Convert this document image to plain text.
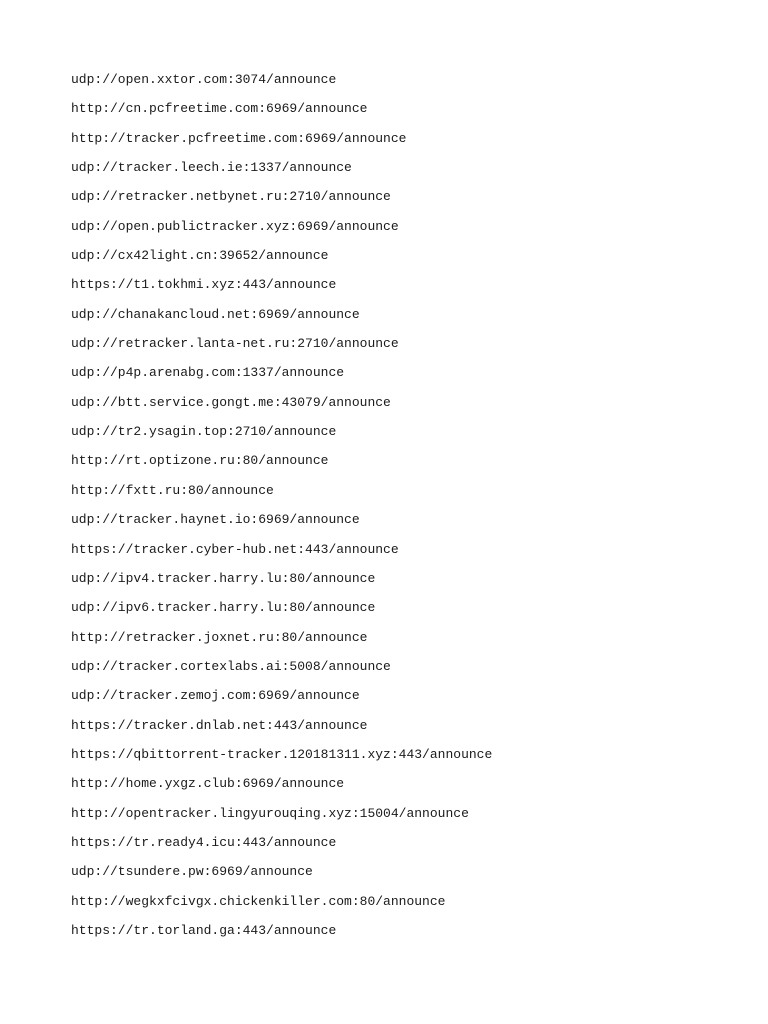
udp://open.xxtor.com:3074/announce
http://cn.pcfreetime.com:6969/announce
http://tracker.pcfreetime.com:6969/announce
udp://tracker.leech.ie:1337/announce
udp://retracker.netbynet.ru:2710/announce
udp://open.publictracker.xyz:6969/announce
udp://cx42light.cn:39652/announce
https://t1.tokhmi.xyz:443/announce
udp://chanakancloud.net:6969/announce
udp://retracker.lanta-net.ru:2710/announce
udp://p4p.arenabg.com:1337/announce
udp://btt.service.gongt.me:43079/announce
udp://tr2.ysagin.top:2710/announce
http://rt.optizone.ru:80/announce
http://fxtt.ru:80/announce
udp://tracker.haynet.io:6969/announce
https://tracker.cyber-hub.net:443/announce
udp://ipv4.tracker.harry.lu:80/announce
udp://ipv6.tracker.harry.lu:80/announce
http://retracker.joxnet.ru:80/announce
udp://tracker.cortexlabs.ai:5008/announce
udp://tracker.zemoj.com:6969/announce
https://tracker.dnlab.net:443/announce
https://qbittorrent-tracker.120181311.xyz:443/announce
http://home.yxgz.club:6969/announce
http://opentracker.lingyurouqing.xyz:15004/announce
https://tr.ready4.icu:443/announce
udp://tsundere.pw:6969/announce
http://wegkxfcivgx.chickenkiller.com:80/announce
https://tr.torland.ga:443/announce
